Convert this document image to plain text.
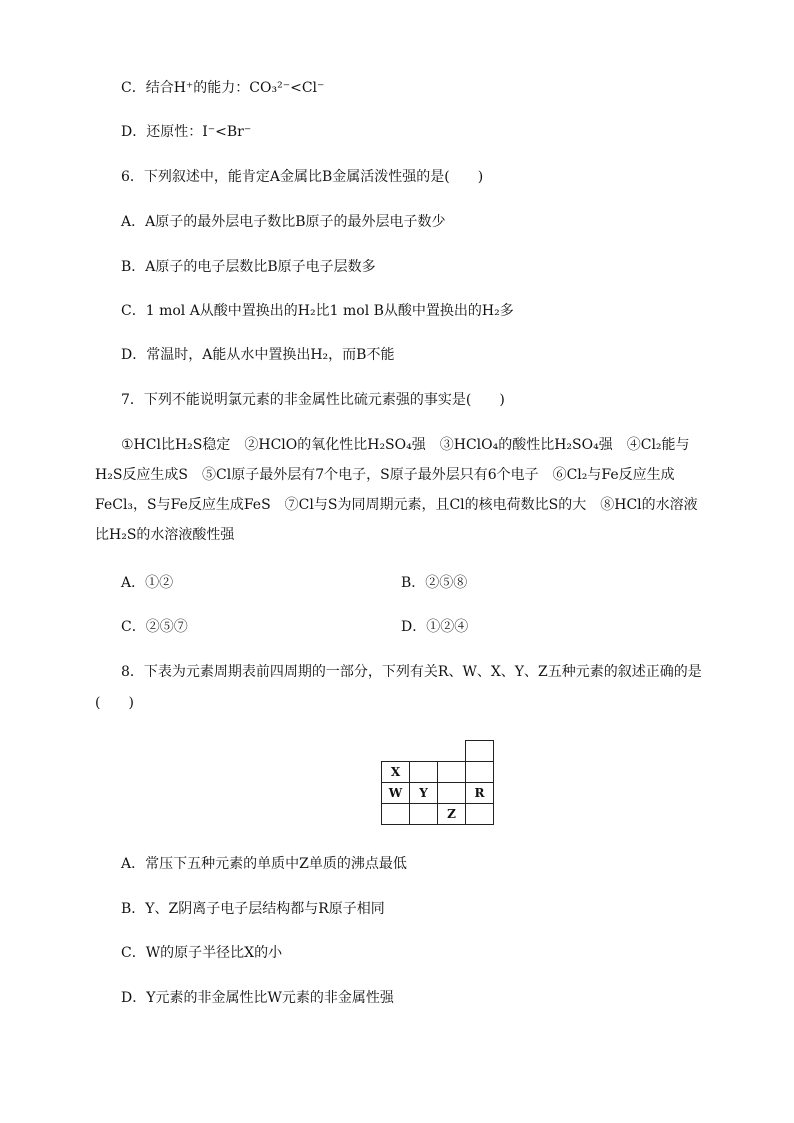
C．结合H⁺的能力：CO₃²⁻<Cl⁻
D．还原性：I⁻<Br⁻
6．下列叙述中，能肯定A金属比B金属活泼性强的是(　　)
A．A原子的最外层电子数比B原子的最外层电子数少
B．A原子的电子层数比B原子电子层数多
C．1 mol A从酸中置换出的H₂比1 mol B从酸中置换出的H₂多
D．常温时，A能从水中置换出H₂，而B不能
7．下列不能说明氯元素的非金属性比硫元素强的事实是(　　)
①HCl比H₂S稳定　②HClO的氧化性比H₂SO₄强　③HClO₄的酸性比H₂SO₄强　④Cl₂能与H₂S反应生成S　⑤Cl原子最外层有7个电子，S原子最外层只有6个电子　⑥Cl₂与Fe反应生成FeCl₃，S与Fe反应生成FeS　⑦Cl与S为同周期元素，且Cl的核电荷数比S的大　⑧HCl的水溶液比H₂S的水溶液酸性强
A．①②	B．②⑤⑧
C．②⑤⑦	D．①②④
8．下表为元素周期表前四周期的一部分，下列有关R、W、X、Y、Z五种元素的叙述正确的是
(　　)

	X			
	W	Y		R
			Z	
A．常压下五种元素的单质中Z单质的沸点最低
B．Y、Z阴离子电子层结构都与R原子相同
C．W的原子半径比X的小
D．Y元素的非金属性比W元素的非金属性强
